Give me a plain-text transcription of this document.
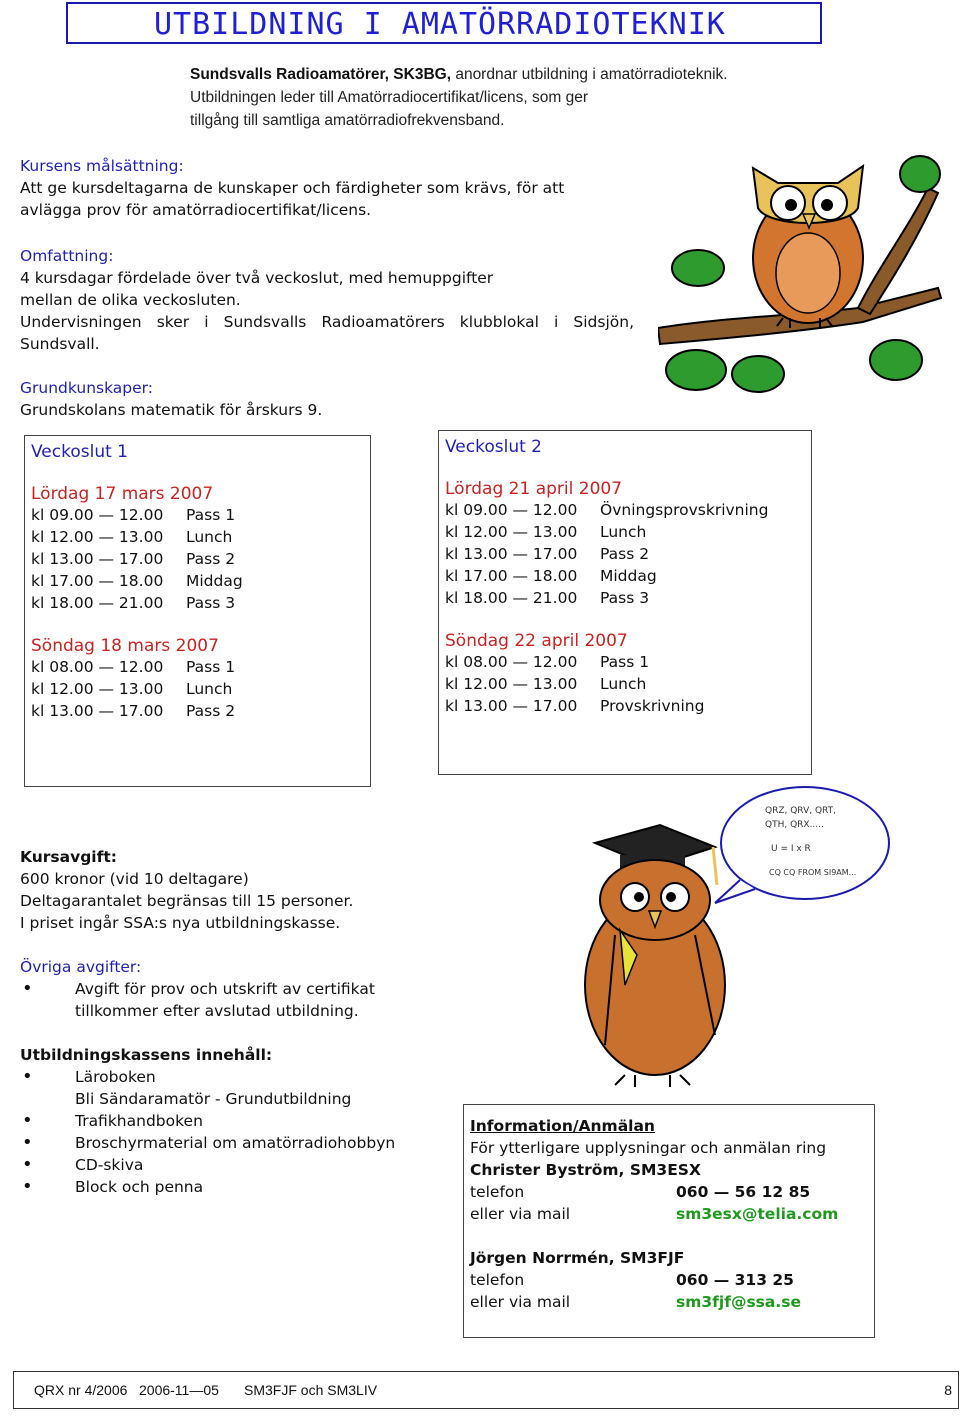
UTBILDNING I AMATÖRRADIOTEKNIK
Sundsvalls Radioamatörer, SK3BG, anordnar utbildning i amatörradioteknik.
Utbildningen leder till Amatörradiocertifikat/licens, som ger
tillgång till samtliga amatörradiofrekvensband.
Kursens målsättning:
Att ge kursdeltagarna de kunskaper och färdigheter som krävs, för att
avlägga prov för amatörradiocertifikat/licens.
Omfattning:
4 kursdagar fördelade över två veckoslut, med hemuppgifter
mellan de olika veckosluten.
Undervisningen sker i Sundsvalls Radioamatörers klubblokal i Sidsjön,
Sundsvall.
Grundkunskaper:
Grundskolans matematik för årskurs 9.
Veckoslut 1
Lördag 17 mars 2007
kl 09.00 — 12.00 Pass 1
kl 12.00 — 13.00 Lunch
kl 13.00 — 17.00 Pass 2
kl 17.00 — 18.00 Middag
kl 18.00 — 21.00 Pass 3
Söndag 18 mars 2007
kl 08.00 — 12.00 Pass 1
kl 12.00 — 13.00 Lunch
kl 13.00 — 17.00 Pass 2
Veckoslut 2
Lördag 21 april 2007
kl 09.00 — 12.00 Övningsprovskrivning
kl 12.00 — 13.00 Lunch
kl 13.00 — 17.00 Pass 2
kl 17.00 — 18.00 Middag
kl 18.00 — 21.00 Pass 3
Söndag 22 april 2007
kl 08.00 — 12.00 Pass 1
kl 12.00 — 13.00 Lunch
kl 13.00 — 17.00 Provskrivning
QRZ, QRV, QRT,
QTH, QRX.....
U = I x R
CQ CQ FROM SI9AM...
Kursavgift:
600 kronor (vid 10 deltagare)
Deltagarantalet begränsas till 15 personer.
I priset ingår SSA:s nya utbildningskasse.
Övriga avgifter:
•	Avgift för prov och utskrift av certifikat
tillkommer efter avslutad utbildning.
Utbildningskassens innehåll:
•	Läroboken
Bli Sändaramatör - Grundutbildning
•	Trafikhandboken
•	Broschyrmaterial om amatörradiohobbyn
•	CD-skiva
•	Block och penna
Information/Anmälan
För ytterligare upplysningar och anmälan ring
Christer Byström, SM3ESX
telefon	060 — 56 12 85
eller via mail	sm3esx@telia.com
Jörgen Norrmén, SM3FJF
telefon	060 — 313 25
eller via mail	sm3fjf@ssa.se
QRX nr 4/2006 2006-11—05 SM3FJF och SM3LIV	8
